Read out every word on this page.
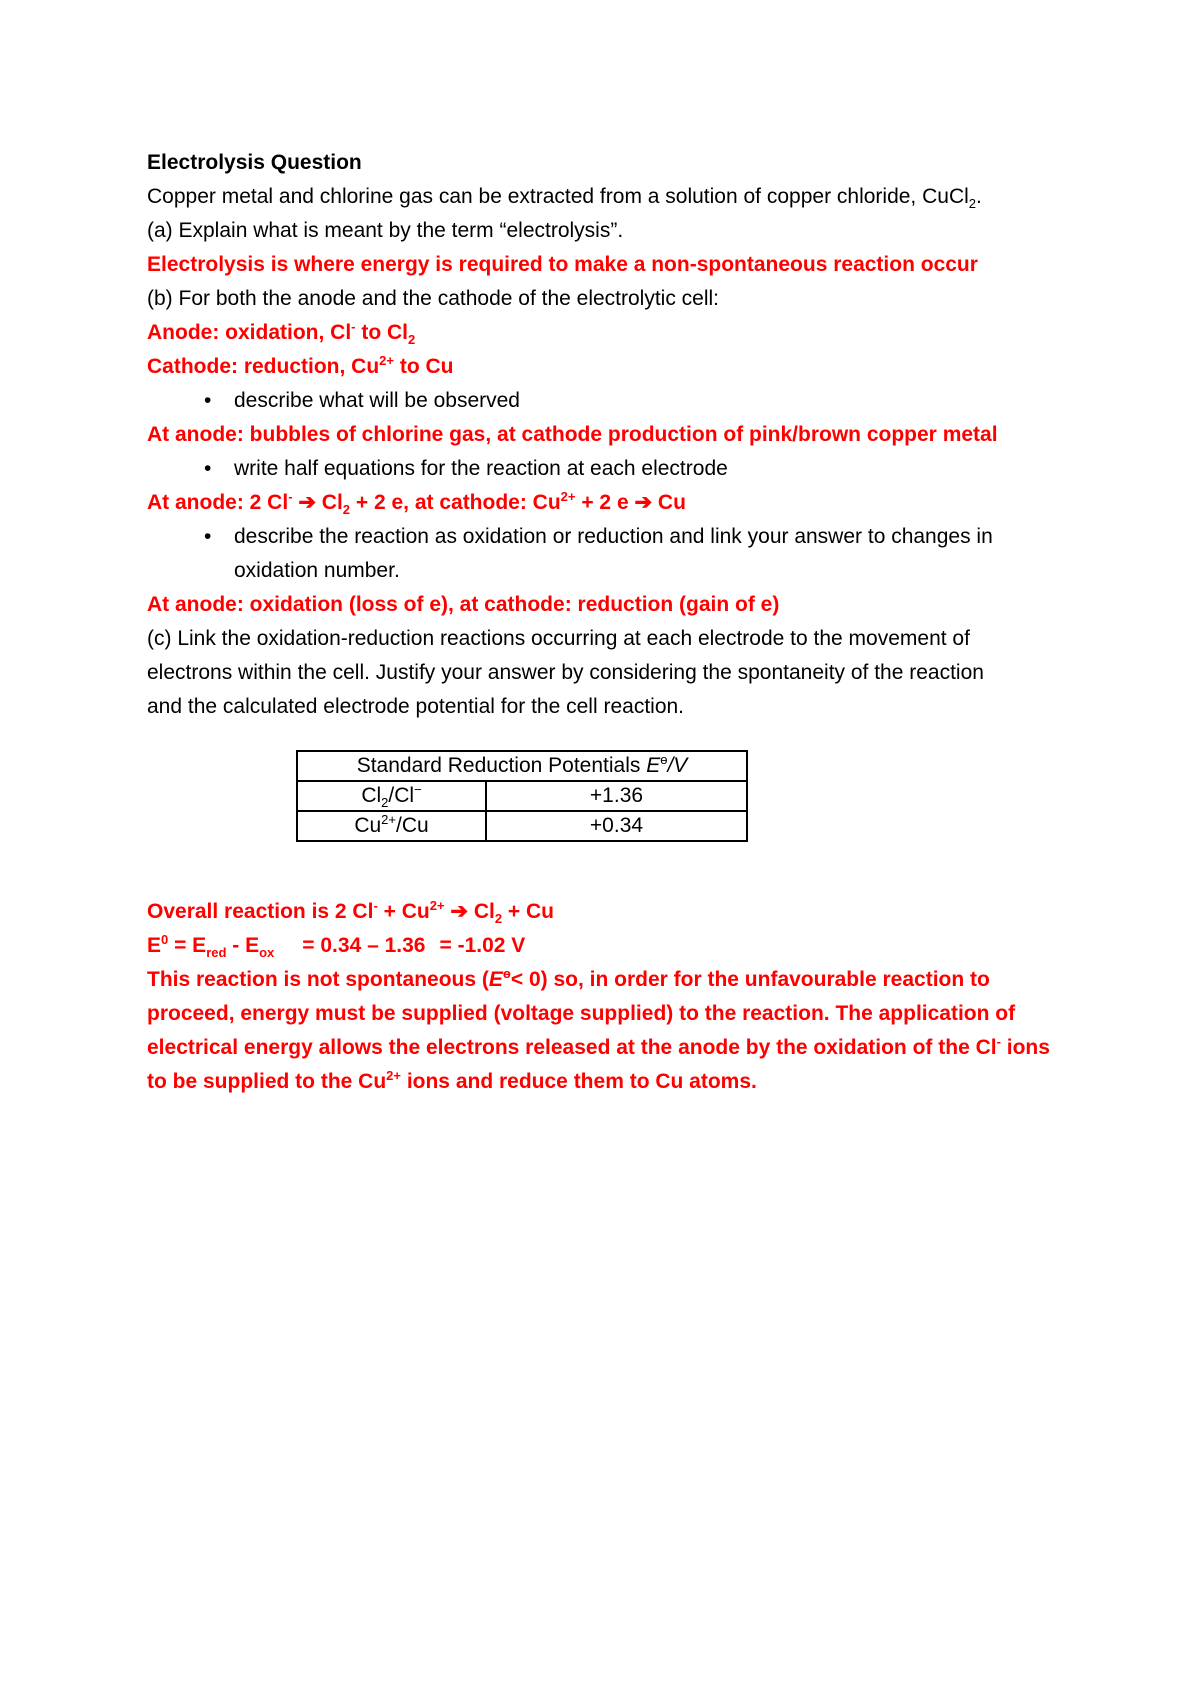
Electrolysis Question
Copper metal and chlorine gas can be extracted from a solution of copper chloride, CuCl$_2$.
(a) Explain what is meant by the term “electrolysis”.
Electrolysis is where energy is required to make a non-spontaneous reaction occur
(b) For both the anode and the cathode of the electrolytic cell:
Anode: oxidation, Cl- to $Cl_2$
Cathode: reduction, $Cu^{2+}$ to Cu
• describe what will be observed
At anode: bubbles of chlorine gas, at cathode production of pink/brown copper metal
• write half equations for the reaction at each electrode
At anode: 2 Cl- ➔ $Cl_2 + 2$ e, at cathode: $Cu^{2+} + 2$ e ➔ Cu
• describe the reaction as oxidation or reduction and link your answer to changes in oxidation number.
At anode: oxidation (loss of e), at cathode: reduction (gain of e)
(c) Link the oxidation-reduction reactions occurring at each electrode to the movement of
electrons within the cell. Justify your answer by considering the spontaneity of the reaction
and the calculated electrode potential for the cell reaction.
Standard Reduction Potentials $E^ө/V$	
$Cl_2/Cl^-$	+1.36
$Cu^{2+}/Cu$	+0.34
Overall reaction is 2 $Cl^- + Cu^{2+}$ ➔ $Cl_2 + Cu$
$E^0 = E_{red} - E_{ox} = 0.34 - 1.36 = -1.02$ V
This reaction is not spontaneous $(E^ө< 0)$ so, in order for the unfavourable reaction to
proceed, energy must be supplied (voltage supplied) to the reaction. The application of
electrical energy allows the electrons released at the anode by the oxidation of the Cl- ions
to be supplied to the $Cu^{2+}$ ions and reduce them to Cu atoms.
